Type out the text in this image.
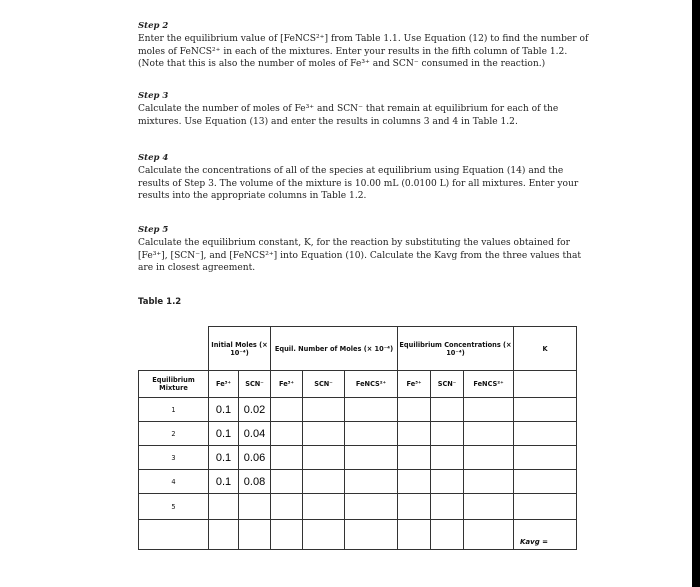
Step 2

Enter the equilibrium value of [FeNCS²⁺] from Table 1.1. Use Equation (12) to find the number of moles of FeNCS²⁺ in each of the mixtures. Enter your results in the fifth column of Table 1.2. (Note that this is also the number of moles of Fe³⁺ and SCN⁻ consumed in the reaction.)

Step 3

Calculate the number of moles of Fe³⁺ and SCN⁻ that remain at equilibrium for each of the mixtures. Use Equation (13) and enter the results in columns 3 and 4 in Table 1.2.

Step 4

Calculate the concentrations of all of the species at equilibrium using Equation (14) and the results of Step 3. The volume of the mixture is 10.00 mL (0.0100 L) for all mixtures. Enter your results into the appropriate columns in Table 1.2.

Step 5

Calculate the equilibrium constant, K, for the reaction by substituting the values obtained for [Fe³⁺], [SCN⁻], and [FeNCS²⁺] into Equation (10). Calculate the Kavg from the three values that are in closest agreement.

Table 1.2
	Initial Moles (× 10⁻⁴)		Equil. Number of Moles (× 10⁻⁴)			Equilibrium Concentrations (× 10⁻⁴)			K
Equilibrium Mixture	Fe³⁺	SCN⁻	Fe³⁺	SCN⁻	FeNCS²⁺	Fe³⁺	SCN⁻	FeNCS²⁺	
1	0.1	0.02							
2	0.1	0.04							
3	0.1	0.06							
4	0.1	0.08							
5									
									Kavg =
